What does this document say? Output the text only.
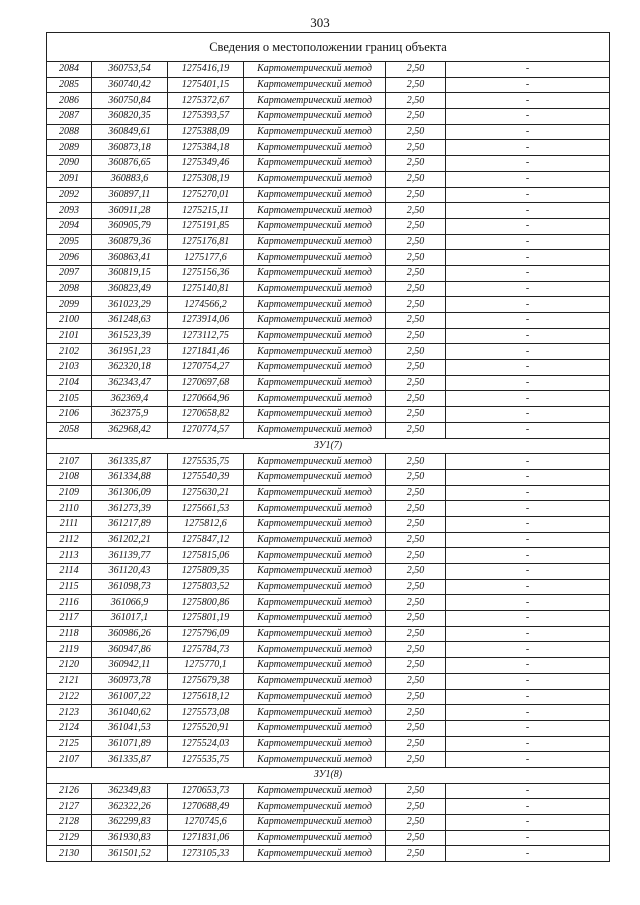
303
Сведения о местоположении границ объекта					
2084	360753,54	1275416,19	Картометрический метод	2,50	-
2085	360740,42	1275401,15	Картометрический метод	2,50	-
2086	360750,84	1275372,67	Картометрический метод	2,50	-
2087	360820,35	1275393,57	Картометрический метод	2,50	-
2088	360849,61	1275388,09	Картометрический метод	2,50	-
2089	360873,18	1275384,18	Картометрический метод	2,50	-
2090	360876,65	1275349,46	Картометрический метод	2,50	-
2091	360883,6	1275308,19	Картометрический метод	2,50	-
2092	360897,11	1275270,01	Картометрический метод	2,50	-
2093	360911,28	1275215,11	Картометрический метод	2,50	-
2094	360905,79	1275191,85	Картометрический метод	2,50	-
2095	360879,36	1275176,81	Картометрический метод	2,50	-
2096	360863,41	1275177,6	Картометрический метод	2,50	-
2097	360819,15	1275156,36	Картометрический метод	2,50	-
2098	360823,49	1275140,81	Картометрический метод	2,50	-
2099	361023,29	1274566,2	Картометрический метод	2,50	-
2100	361248,63	1273914,06	Картометрический метод	2,50	-
2101	361523,39	1273112,75	Картометрический метод	2,50	-
2102	361951,23	1271841,46	Картометрический метод	2,50	-
2103	362320,18	1270754,27	Картометрический метод	2,50	-
2104	362343,47	1270697,68	Картометрический метод	2,50	-
2105	362369,4	1270664,96	Картометрический метод	2,50	-
2106	362375,9	1270658,82	Картометрический метод	2,50	-
2058	362968,42	1270774,57	Картометрический метод	2,50	-
ЗУ1(7)					
2107	361335,87	1275535,75	Картометрический метод	2,50	-
2108	361334,88	1275540,39	Картометрический метод	2,50	-
2109	361306,09	1275630,21	Картометрический метод	2,50	-
2110	361273,39	1275661,53	Картометрический метод	2,50	-
2111	361217,89	1275812,6	Картометрический метод	2,50	-
2112	361202,21	1275847,12	Картометрический метод	2,50	-
2113	361139,77	1275815,06	Картометрический метод	2,50	-
2114	361120,43	1275809,35	Картометрический метод	2,50	-
2115	361098,73	1275803,52	Картометрический метод	2,50	-
2116	361066,9	1275800,86	Картометрический метод	2,50	-
2117	361017,1	1275801,19	Картометрический метод	2,50	-
2118	360986,26	1275796,09	Картометрический метод	2,50	-
2119	360947,86	1275784,73	Картометрический метод	2,50	-
2120	360942,11	1275770,1	Картометрический метод	2,50	-
2121	360973,78	1275679,38	Картометрический метод	2,50	-
2122	361007,22	1275618,12	Картометрический метод	2,50	-
2123	361040,62	1275573,08	Картометрический метод	2,50	-
2124	361041,53	1275520,91	Картометрический метод	2,50	-
2125	361071,89	1275524,03	Картометрический метод	2,50	-
2107	361335,87	1275535,75	Картометрический метод	2,50	-
ЗУ1(8)					
2126	362349,83	1270653,73	Картометрический метод	2,50	-
2127	362322,26	1270688,49	Картометрический метод	2,50	-
2128	362299,83	1270745,6	Картометрический метод	2,50	-
2129	361930,83	1271831,06	Картометрический метод	2,50	-
2130	361501,52	1273105,33	Картометрический метод	2,50	-
